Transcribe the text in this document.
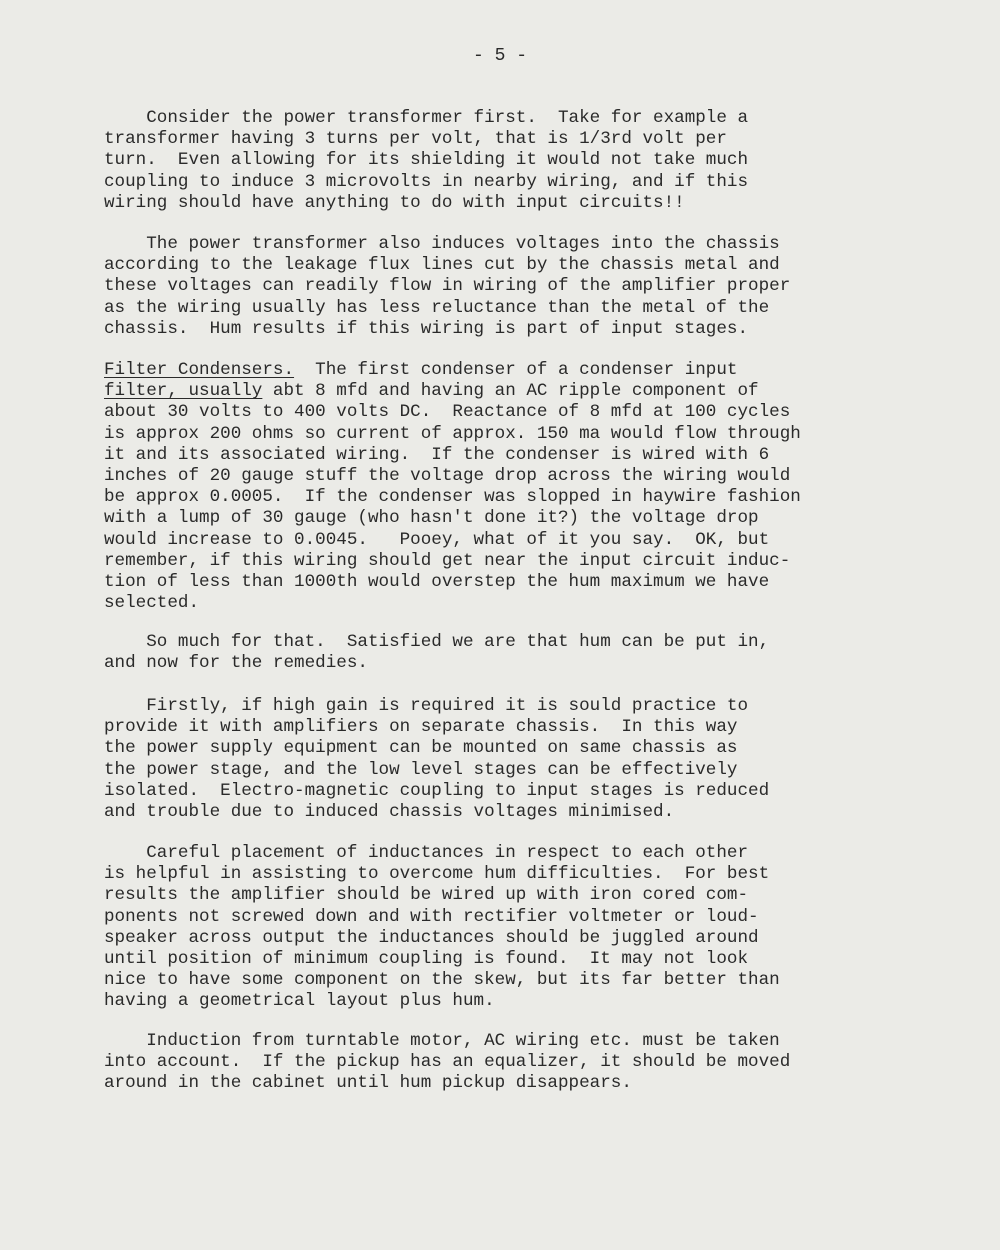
- 5 -
Consider the power transformer first.  Take for example a
transformer having 3 turns per volt, that is 1/3rd volt per
turn.  Even allowing for its shielding it would not take much
coupling to induce 3 microvolts in nearby wiring, and if this
wiring should have anything to do with input circuits!!
The power transformer also induces voltages into the chassis
according to the leakage flux lines cut by the chassis metal and
these voltages can readily flow in wiring of the amplifier proper
as the wiring usually has less reluctance than the metal of the
chassis.  Hum results if this wiring is part of input stages.
Filter Condensers.  The first condenser of a condenser input
filter, usually abt 8 mfd and having an AC ripple component of
about 30 volts to 400 volts DC.  Reactance of 8 mfd at 100 cycles
is approx 200 ohms so current of approx. 150 ma would flow through
it and its associated wiring.  If the condenser is wired with 6
inches of 20 gauge stuff the voltage drop across the wiring would
be approx 0.0005.  If the condenser was slopped in haywire fashion
with a lump of 30 gauge (who hasn't done it?) the voltage drop
would increase to 0.0045.   Pooey, what of it you say.  OK, but
remember, if this wiring should get near the input circuit induc-
tion of less than 1000th would overstep the hum maximum we have
selected.
So much for that.  Satisfied we are that hum can be put in,
and now for the remedies.
Firstly, if high gain is required it is sould practice to
provide it with amplifiers on separate chassis.  In this way
the power supply equipment can be mounted on same chassis as
the power stage, and the low level stages can be effectively
isolated.  Electro-magnetic coupling to input stages is reduced
and trouble due to induced chassis voltages minimised.
Careful placement of inductances in respect to each other
is helpful in assisting to overcome hum difficulties.  For best
results the amplifier should be wired up with iron cored com-
ponents not screwed down and with rectifier voltmeter or loud-
speaker across output the inductances should be juggled around
until position of minimum coupling is found.  It may not look
nice to have some component on the skew, but its far better than
having a geometrical layout plus hum.
Induction from turntable motor, AC wiring etc. must be taken
into account.  If the pickup has an equalizer, it should be moved
around in the cabinet until hum pickup disappears.
